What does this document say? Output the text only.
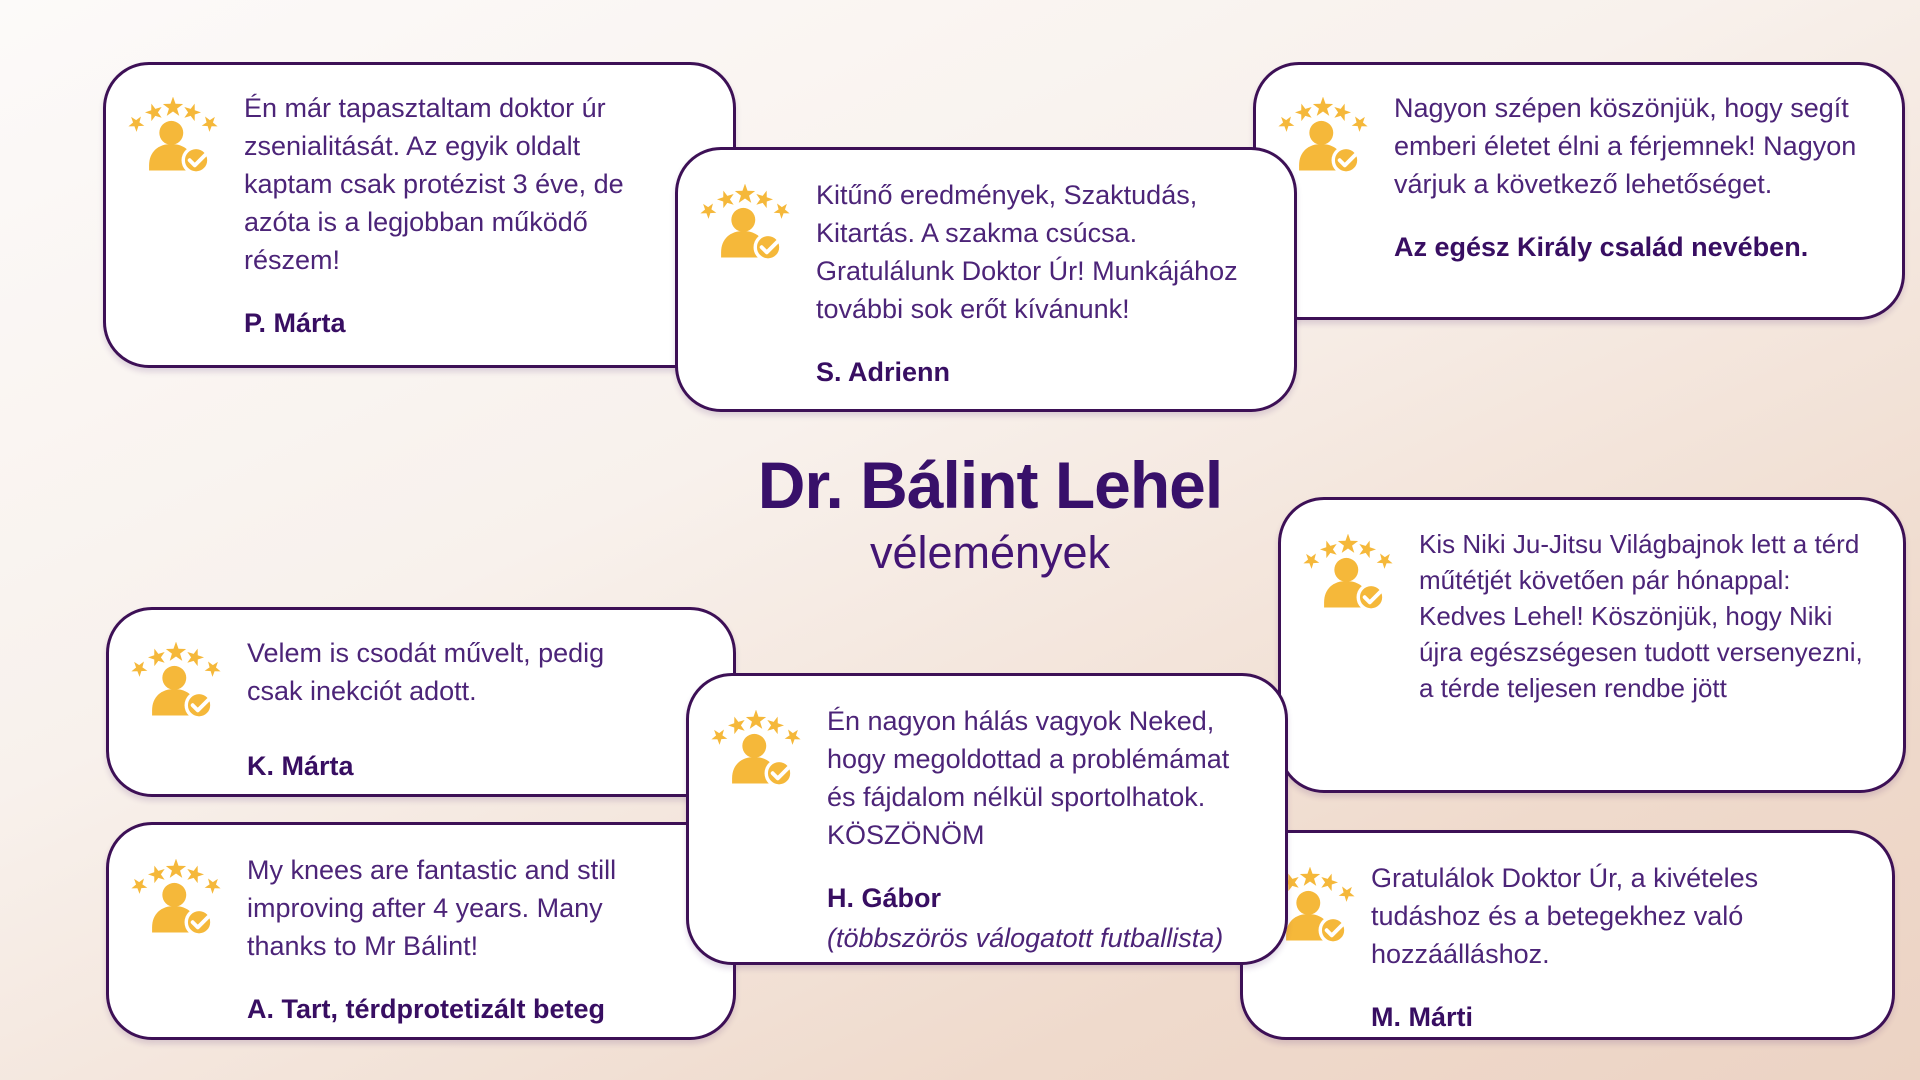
Én már tapasztaltam doktor úr zsenialitását. Az egyik oldalt kaptam csak protézist 3 éve, de azóta is a legjobban működő részem!

P. Márta

Kitűnő eredmények, Szaktudás, Kitartás. A szakma csúcsa. Gratulálunk Doktor Úr! Munkájához további sok erőt kívánunk!

S. Adrienn

Nagyon szépen köszönjük, hogy segít emberi életet élni a férjemnek! Nagyon várjuk a következő lehetőséget.

Az egész Király család nevében.

Dr. Bálint Lehel
vélemények

Velem is csodát művelt, pedig csak inekciót adott.

K. Márta

Kis Niki Ju-Jitsu Világbajnok lett a térd műtétjét követően pár hónappal:

Kedves Lehel! Köszönjük, hogy Niki újra egészségesen tudott versenyezni, a térde teljesen rendbe jött

Én nagyon hálás vagyok Neked, hogy megoldottad a problémámat és fájdalom nélkül sportolhatok. KÖSZÖNÖM

H. Gábor

(többszörös válogatott futballista)

My knees are fantastic and still improving after 4 years. Many thanks to Mr Bálint!

A. Tart, térdprotetizált beteg

Gratulálok Doktor Úr, a kivételes tudáshoz és a betegekhez való hozzáálláshoz.

M. Márti
